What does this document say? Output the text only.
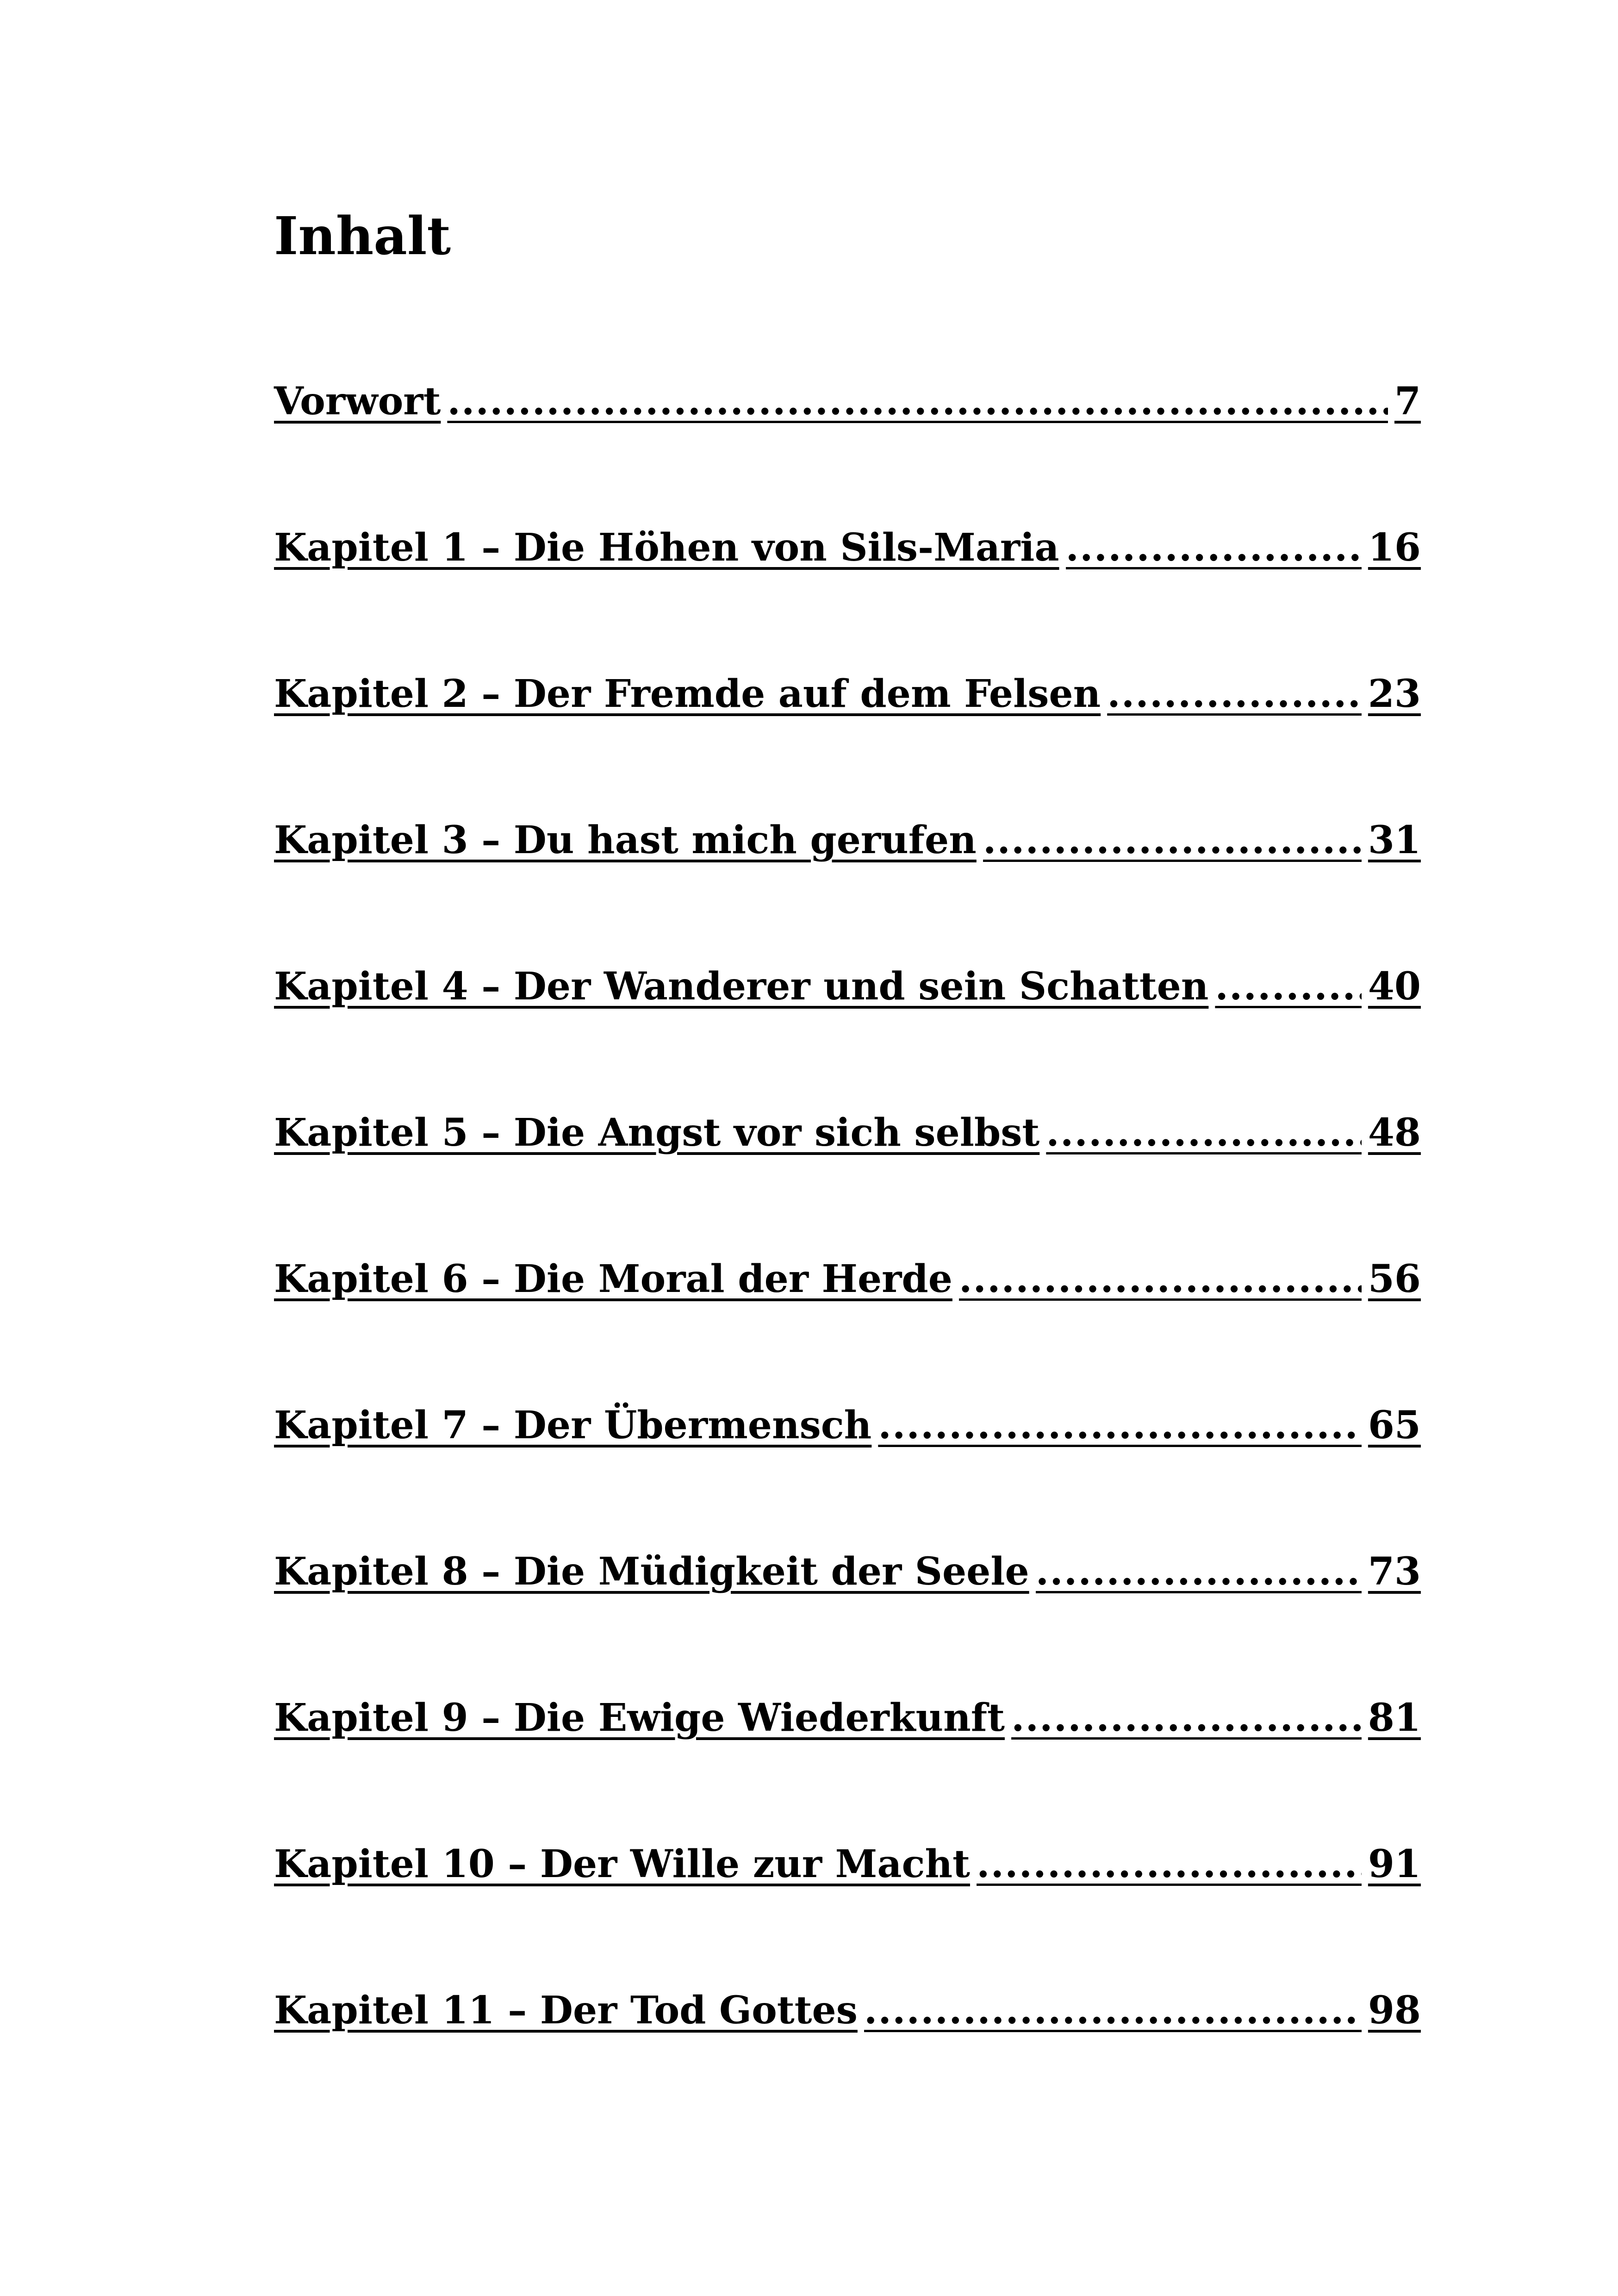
Inhalt
Vorwort .....	7
Kapitel 1 – Die Höhen von Sils-Maria .....	16
Kapitel 2 – Der Fremde auf dem Felsen .....	23
Kapitel 3 – Du hast mich gerufen .....	31
Kapitel 4 – Der Wanderer und sein Schatten .....	40
Kapitel 5 – Die Angst vor sich selbst .....	48
Kapitel 6 – Die Moral der Herde .....	56
Kapitel 7 – Der Übermensch .....	65
Kapitel 8 – Die Müdigkeit der Seele .....	73
Kapitel 9 – Die Ewige Wiederkunft .....	81
Kapitel 10 – Der Wille zur Macht .....	91
Kapitel 11 – Der Tod Gottes .....	98
